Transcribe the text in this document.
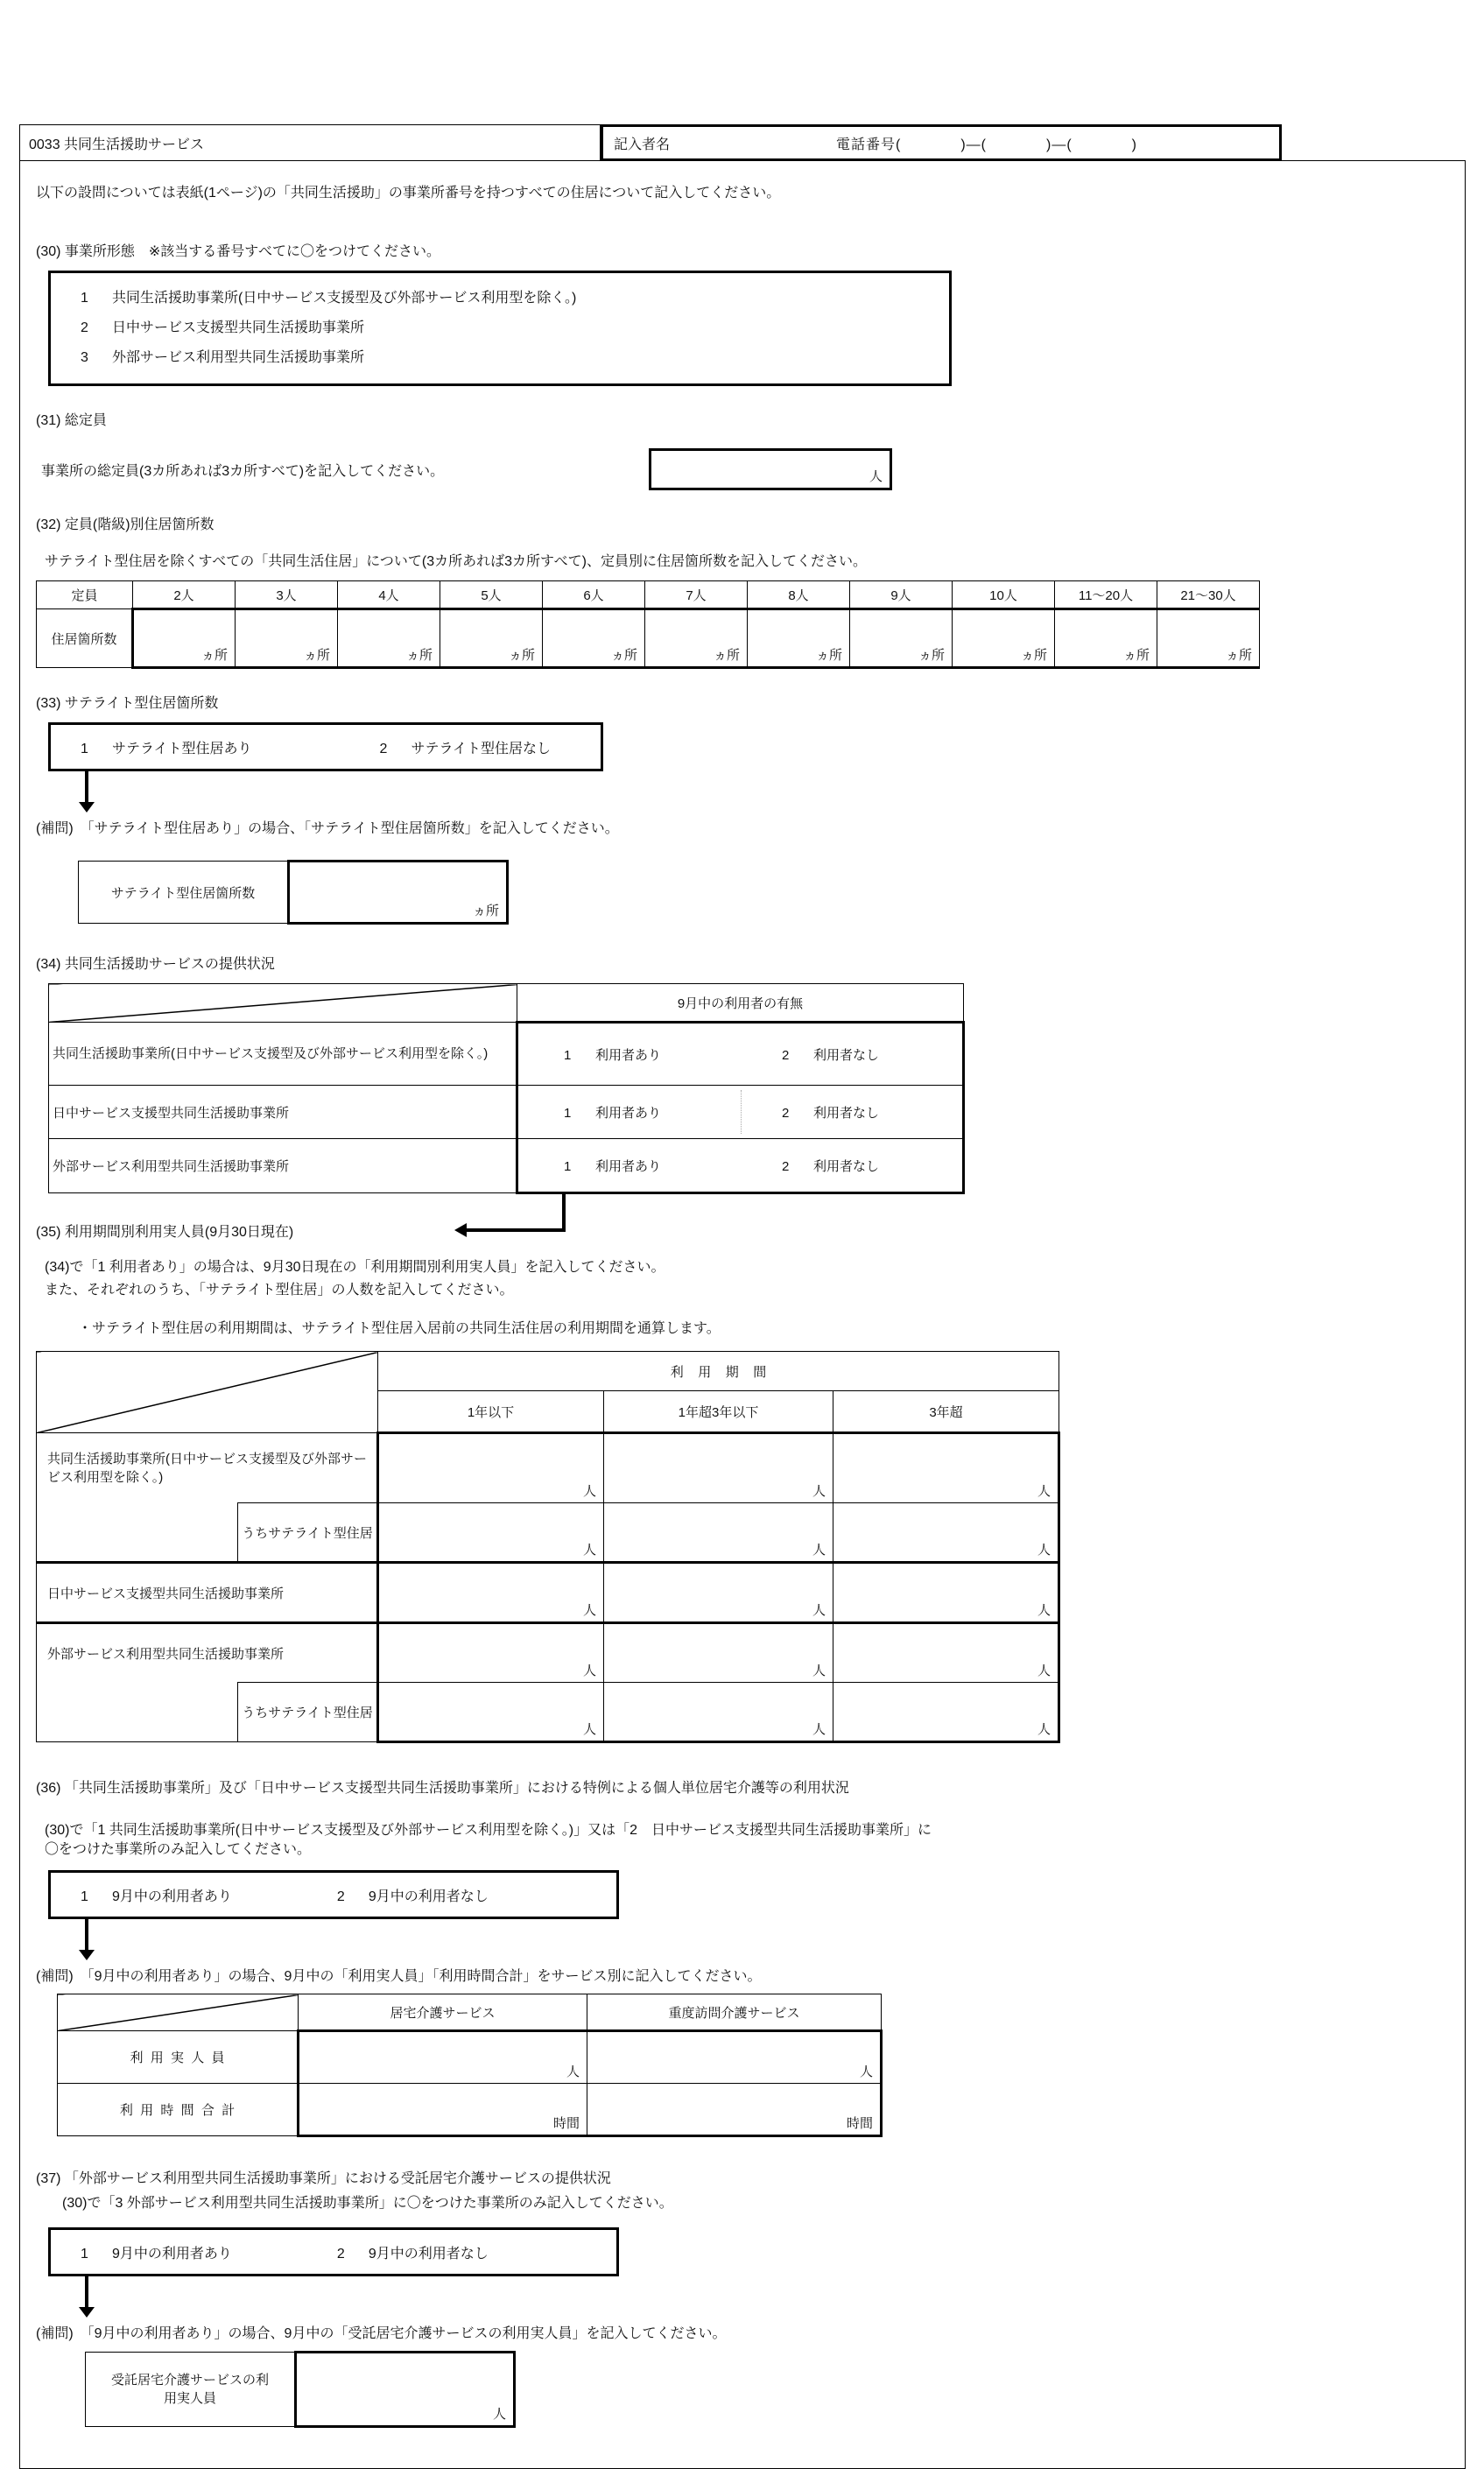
0033 共同生活援助サービス	記入者名	電話番号(　　　　)―(　　　　)―(　　　　)
以下の設問については表紙(1ページ)の「共同生活援助」の事業所番号を持つすべての住居について記入してください。
(30) 事業所形態　※該当する番号すべてに〇をつけてください。
1 共同生活援助事業所(日中サービス支援型及び外部サービス利用型を除く。)
2 日中サービス支援型共同生活援助事業所
3 外部サービス利用型共同生活援助事業所
(31) 総定員
事業所の総定員(3カ所あれば3カ所すべて)を記入してください。	人
(32) 定員(階級)別住居箇所数
サテライト型住居を除くすべての「共同生活住居」について(3カ所あれば3カ所すべて)、定員別に住居箇所数を記入してください。
定員	2人	3人	4人	5人	6人	7人	8人	9人	10人	11〜20人	21〜30人
住居箇所数	ヵ所	ヵ所	ヵ所	ヵ所	ヵ所	ヵ所	ヵ所	ヵ所	ヵ所	ヵ所	ヵ所
(33) サテライト型住居箇所数
1 サテライト型住居あり	2 サテライト型住居なし
(補問)　「サテライト型住居あり」の場合、「サテライト型住居箇所数」を記入してください。
サテライト型住居箇所数	ヵ所
(34) 共同生活援助サービスの提供状況
	9月中の利用者の有無
共同生活援助事業所(日中サービス支援型及び外部サービス利用型を除く。)	1 利用者あり 2 利用者なし

日中サービス支援型共同生活援助事業所	1 利用者あり 2 利用者なし

外部サービス利用型共同生活援助事業所	1 利用者あり 2 利用者なし
(35) 利用期間別利用実人員(9月30日現在)
(34)で「1 利用者あり」の場合は、9月30日現在の「利用期間別利用実人員」を記入してください。
また、それぞれのうち、「サテライト型住居」の人数を記入してください。
・サテライト型住居の利用期間は、サテライト型住居入居前の共同生活住居の利用期間を通算します。
		利用期間		
		1年以下	1年超3年以下	3年超
共同生活援助事業所(日中サービス支援型及び外部サービス利用型を除く。)		人	人	人
	うちサテライト型住居	人	人	人
日中サービス支援型共同生活援助事業所		人	人	人
外部サービス利用型共同生活援助事業所		人	人	人
	うちサテライト型住居	人	人	人
(36) 「共同生活援助事業所」及び「日中サービス支援型共同生活援助事業所」における特例による個人単位居宅介護等の利用状況
(30)で「1 共同生活援助事業所(日中サービス支援型及び外部サービス利用型を除く。)」又は「2　日中サービス支援型共同生活援助事業所」に
〇をつけた事業所のみ記入してください。
1 9月中の利用者あり	2 9月中の利用者なし
(補問)　「9月中の利用者あり」の場合、9月中の「利用実人員」「利用時間合計」をサービス別に記入してください。
	居宅介護サービス	重度訪問介護サービス
利用実人員	人	人
利用時間合計	時間	時間
(37) 「外部サービス利用型共同生活援助事業所」における受託居宅介護サービスの提供状況
(30)で「3 外部サービス利用型共同生活援助事業所」に〇をつけた事業所のみ記入してください。
1 9月中の利用者あり	2 9月中の利用者なし
(補問)　「9月中の利用者あり」の場合、9月中の「受託居宅介護サービスの利用実人員」を記入してください。
受託居宅介護サービスの利
用実人員
	人
